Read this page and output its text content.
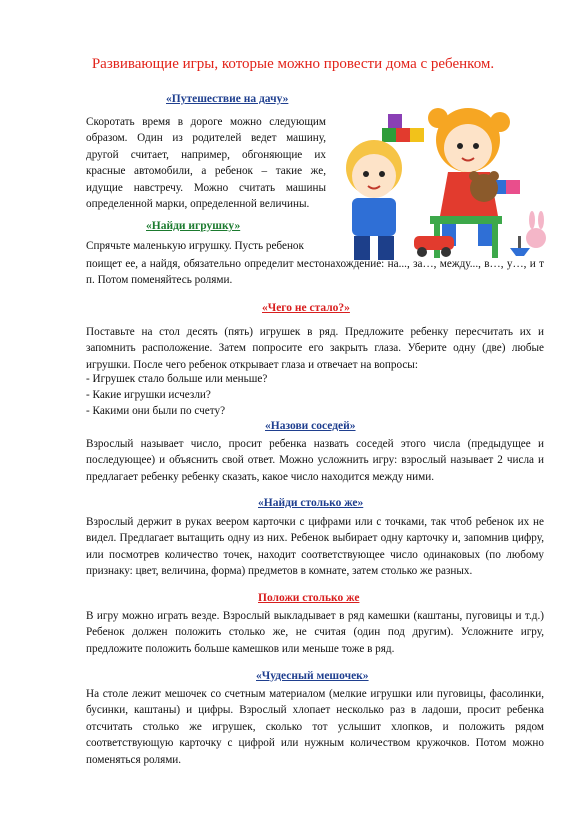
Развивающие игры, которые можно провести дома с ребенком.
«Путешествие на дачу»

Скоротать время в дороге можно следующим образом. Один из родителей ведет машину, другой считает, например, обгоняющие их красные автомобили, а ребенок – такие же, идущие навстречу. Можно считать машины определенной марки, определенной величины.

«Найди игрушку»

Спрячьте маленькую игрушку. Пусть ребенок

поищет ее, а найдя, обязательно определит местонахождение: на..., за…, между..., в…, у…, и т п. Потом поменяйтесь ролями.

«Чего не стало?»

Поставьте на стол десять (пять) игрушек в ряд. Предложите ребенку пересчитать их и запомнить расположение. Затем попросите его закрыть глаза. Уберите одну (две) любые игрушки. После чего ребенок открывает глаза и отвечает на вопросы:

- Игрушек стало больше или меньше?

- Какие игрушки исчезли?

- Какими они были по счету?

«Назови соседей»

Взрослый называет число, просит ребенка назвать соседей этого числа (предыдущее и последующее) и объяснить свой ответ. Можно усложнить игру: взрослый называет 2 числа и предлагает ребенку ребенку сказать, какое число находится между ними.

«Найди столько же»

Взрослый держит в руках веером карточки с цифрами или с точками, так чтоб ребенок их не видел. Предлагает вытащить одну из них. Ребенок выбирает одну карточку и, запомнив цифру, или посмотрев количество точек, находит соответствующее число одинаковых (по любому признаку: цвет, величина, форма) предметов в комнате, затем столько же разных.

Положи столько же

В игру можно играть везде. Взрослый выкладывает в ряд камешки (каштаны, пуговицы и т.д.) Ребенок должен положить столько же, не считая (один под другим). Усложните игру, предложите положить больше камешков или меньше тоже в ряд.

«Чудесный мешочек»

На столе лежит мешочек со счетным материалом (мелкие игрушки или пуговицы, фасолинки, бусинки, каштаны) и цифры. Взрослый хлопает несколько раз в ладоши, просит ребенка отсчитать столько же игрушек, сколько тот услышит хлопков, и положить рядом соответствующую карточку с цифрой или нужным количеством кружочков. Потом можно поменяться ролями.
